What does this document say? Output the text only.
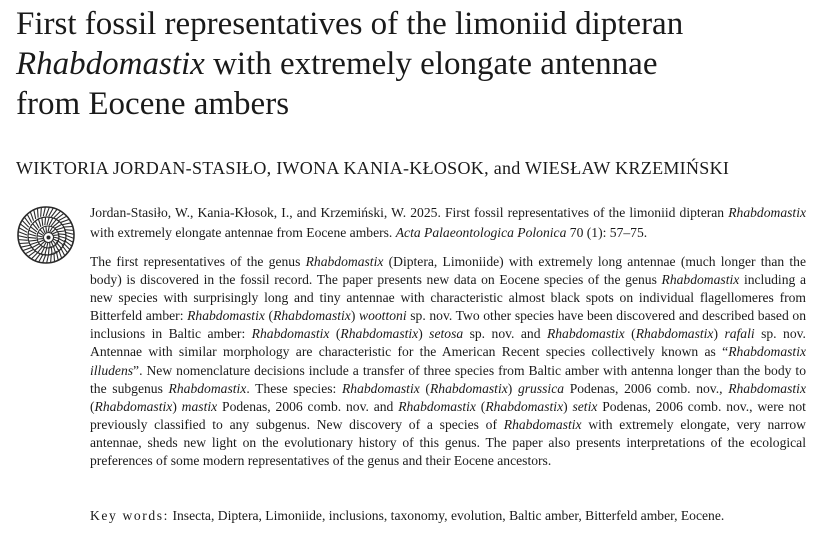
First fossil representatives of the limoniid dipteran
Rhabdomastix with extremely elongate antennae
from Eocene ambers
WIKTORIA JORDAN-STASIŁO, IWONA KANIA-KŁOSOK, and WIESŁAW KRZEMIŃSKI

Jordan-Stasiło, W., Kania-Kłosok, I., and Krzemiński, W. 2025. First fossil representatives of the limoniid dipteran Rhabdomastix with extremely elongate antennae from Eocene ambers. Acta Palaeontologica Polonica 70 (1): 57–75.

The first representatives of the genus Rhabdomastix (Diptera, Limoniide) with extremely long antennae (much longer than the body) is discovered in the fossil record. The paper presents new data on Eocene species of the genus Rhabdomastix including a new species with surprisingly long and tiny antennae with characteristic almost black spots on individual flagellomeres from Bitterfeld amber: Rhabdomastix (Rhabdomastix) woottoni sp. nov. Two other species have been discovered and described based on inclusions in Baltic amber: Rhabdomastix (Rhabdomastix) setosa sp. nov. and Rhabdomastix (Rhabdomastix) rafali sp. nov. Antennae with similar morphology are characteristic for the American Recent species collectively known as “Rhabdomastix illudens”. New nomenclature decisions include a transfer of three species from Baltic amber with antenna longer than the body to the subgenus Rhabdomastix. These species: Rhabdomastix (Rhabdomastix) grussica Podenas, 2006 comb. nov., Rhabdomastix (Rhabdomastix) mastix Podenas, 2006 comb. nov. and Rhabdomastix (Rhabdomastix) setix Podenas, 2006 comb. nov., were not previously classified to any subgenus. New discovery of a species of Rhabdomastix with extremely elongate, very narrow antennae, sheds new light on the evolutionary history of this genus. The paper also presents interpretations of the ecological preferences of some modern representatives of the genus and their Eocene ancestors.

Key words: Insecta, Diptera, Limoniide, inclusions, taxonomy, evolution, Baltic amber, Bitterfeld amber, Eocene.
